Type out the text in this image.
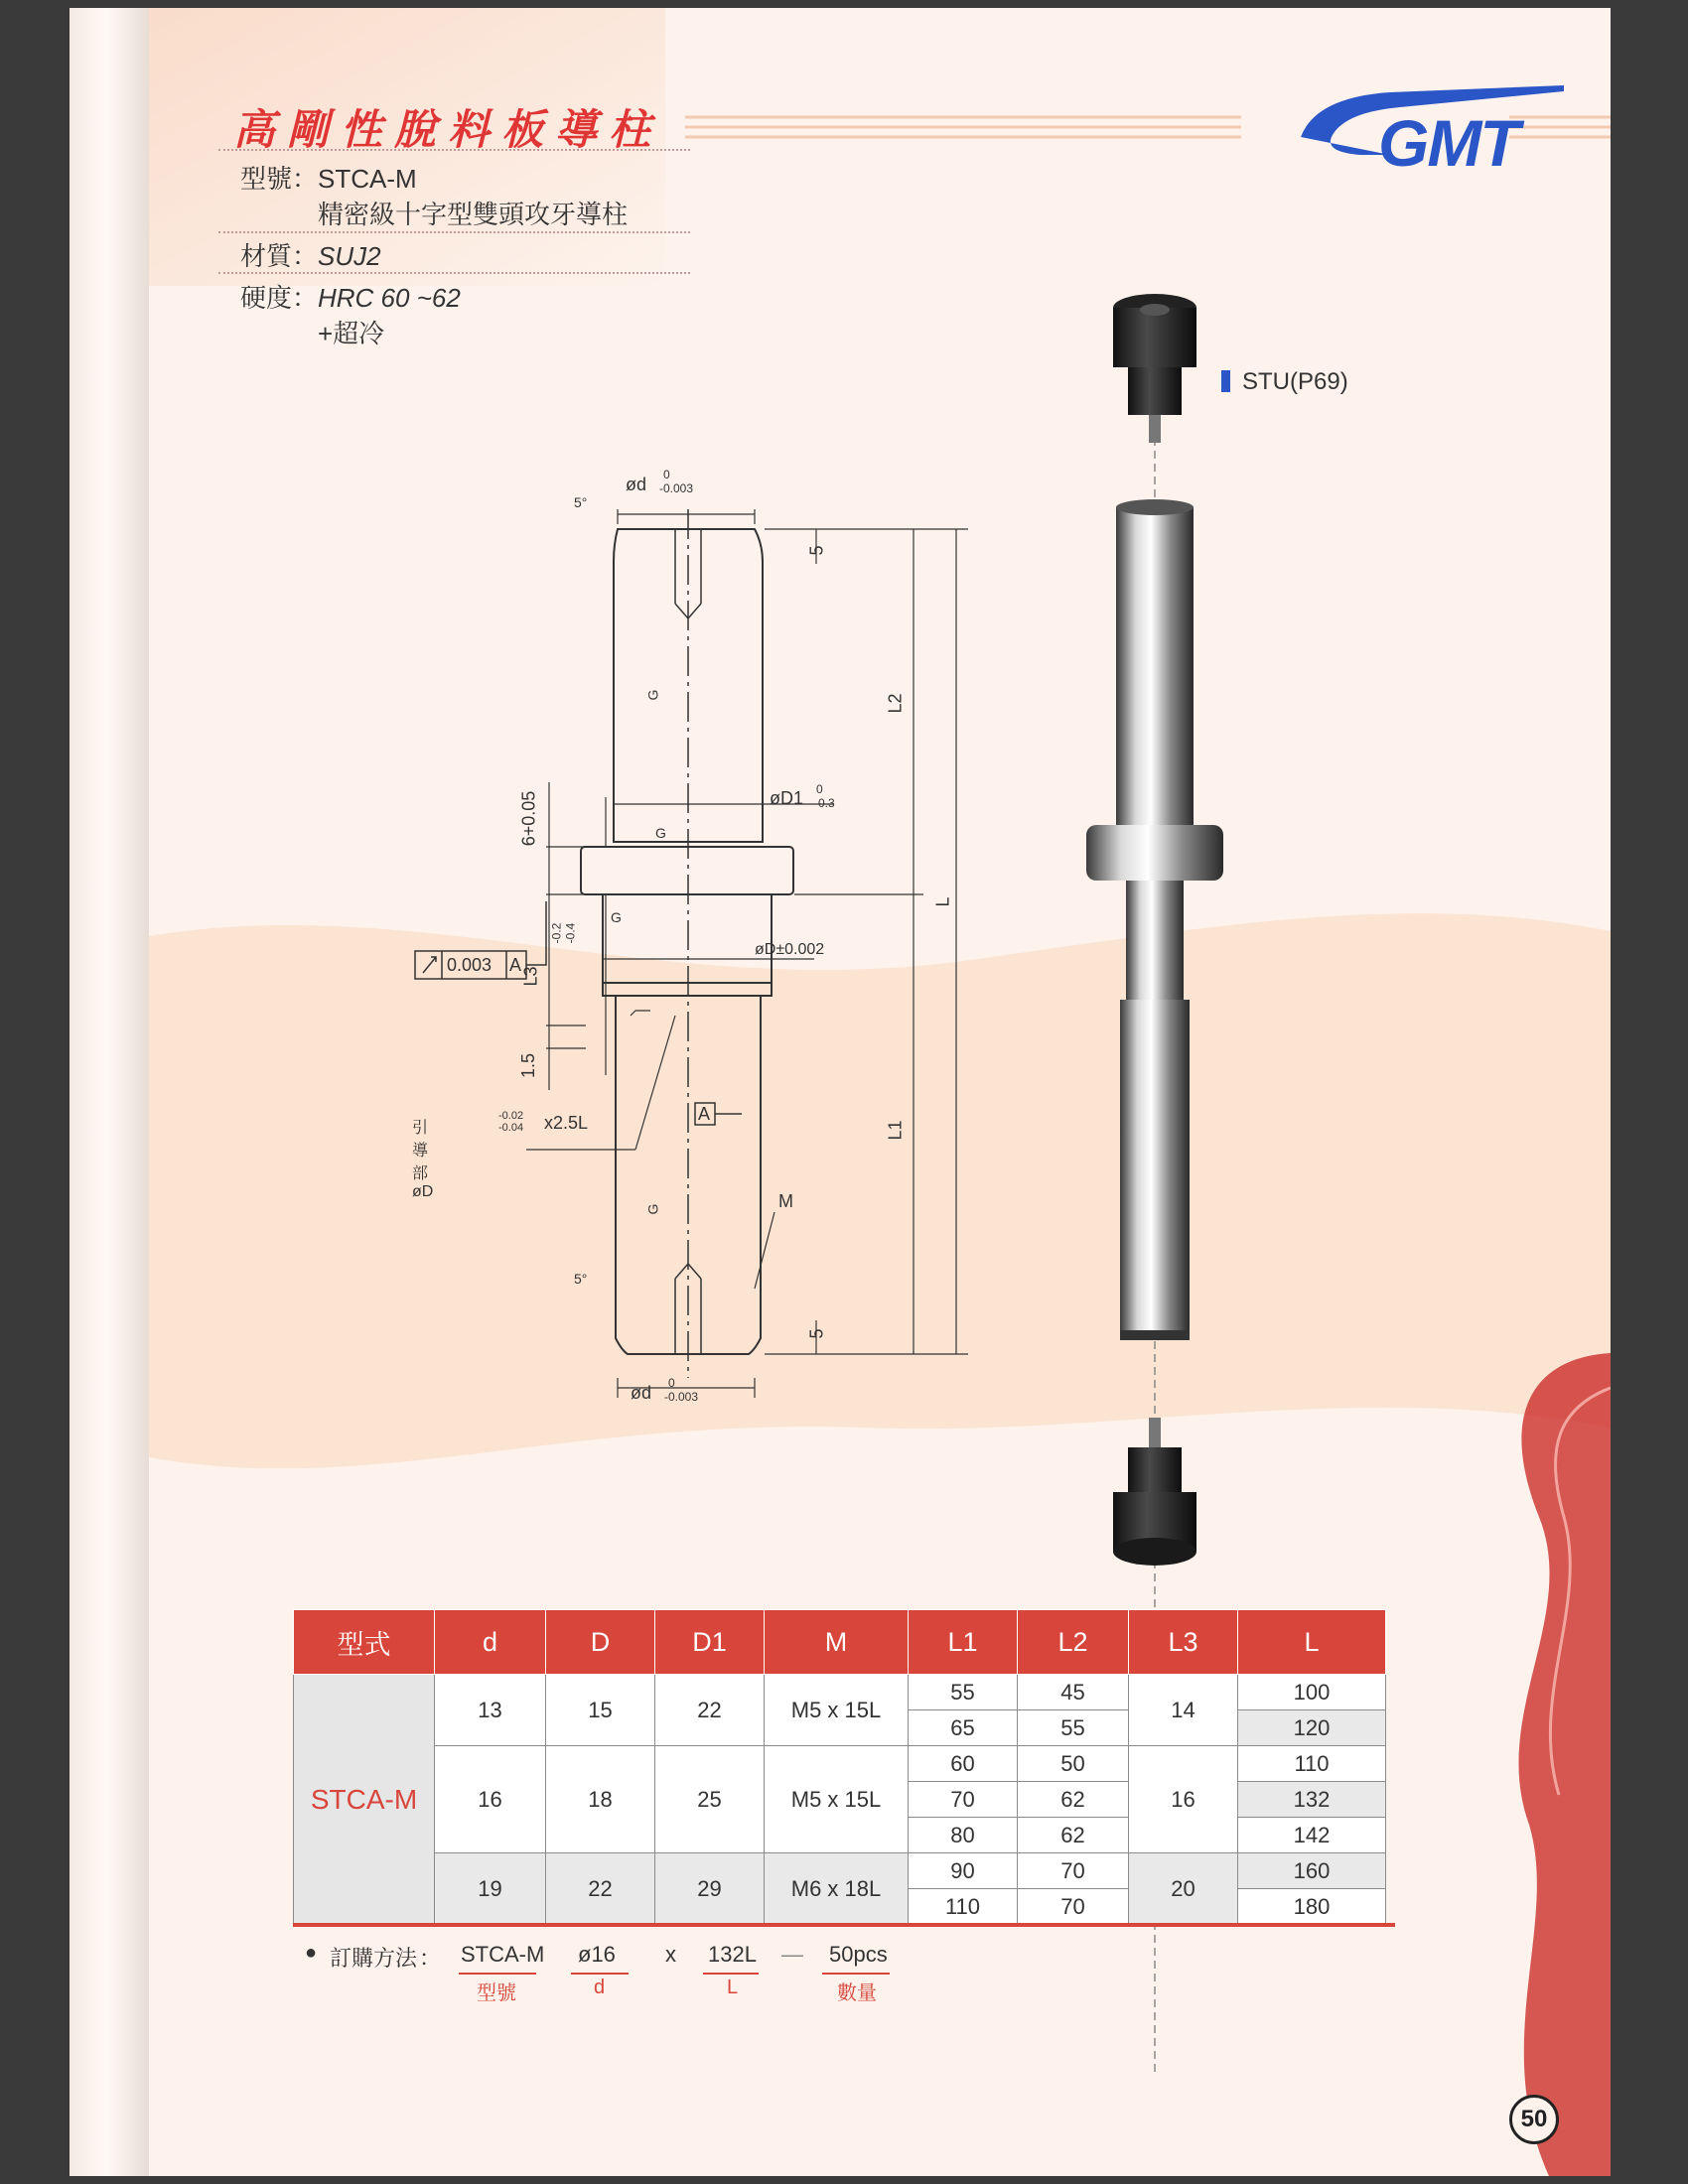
高剛性脫料板導柱
型號：STCA-M
精密級十字型雙頭攻牙導柱
材質：SUJ2
硬度：HRC 60 ~62
+超冷
GMT
STU(P69)
ød 0
-0.003
5°
5
L2
L
L1
øD1 0
-0.3
øD±0.002
6+0.05
L3
-0.2 -0.4
1.5
0.003 A
A
G
G
G
G	M
引導部 øD
-0.02
-0.04 x2.5L
5°
5
ød 0
-0.003
型式	d	D	D1	M	L1	L2	L3	L
STCA-M	13	15	22	M5 x 15L	55	45	14	100
					65	55		120
	16	18	25	M5 x 15L	60	50	16	110
					70	62		132
					80	62		142
	19	22	29	M6 x 18L	90	70	20	160
					110	70		180
● 訂購方法 ： STCA-M
型號
ø16
d
x 132L
L
— 50pcs
數量
50
